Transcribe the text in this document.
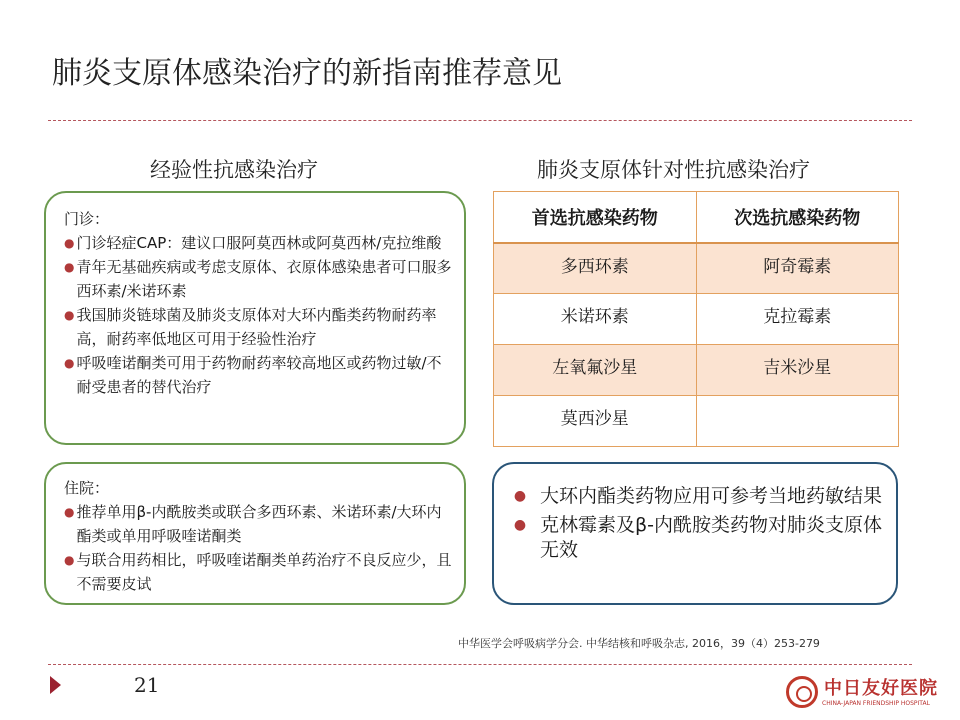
肺炎支原体感染治疗的新指南推荐意见
经验性抗感染治疗	肺炎支原体针对性抗感染治疗
门诊：
● 门诊轻症CAP：建议口服阿莫西林或阿莫西林/克拉维酸
● 青年无基础疾病或考虑支原体、衣原体感染患者可口服多西环素/米诺环素
● 我国肺炎链球菌及肺炎支原体对大环内酯类药物耐药率高，耐药率低地区可用于经验性治疗
● 呼吸喹诺酮类可用于药物耐药率较高地区或药物过敏/不耐受患者的替代治疗
住院：
● 推荐单用β-内酰胺类或联合多西环素、米诺环素/大环内酯类或单用呼吸喹诺酮类
● 与联合用药相比，呼吸喹诺酮类单药治疗不良反应少，且不需要皮试
首选抗感染药物	次选抗感染药物
多西环素	阿奇霉素
米诺环素	克拉霉素
左氧氟沙星	吉米沙星
莫西沙星	
● 大环内酯类药物应用可参考当地药敏结果
● 克林霉素及β-内酰胺类药物对肺炎支原体无效
中华医学会呼吸病学分会. 中华结核和呼吸杂志, 2016，39（4）253-279
21	中日友好医院
CHINA-JAPAN FRIENDSHIP HOSPITAL
